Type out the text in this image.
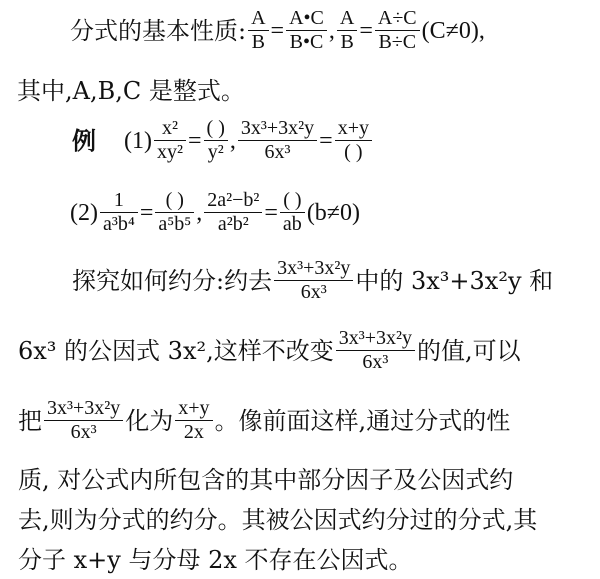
分式的基本性质: $\frac{A}{B} = \frac{A•C}{B•C}$ , $\frac{A}{B} = \frac{A\div C}{B\div C} (C\ne 0)$,
其中,A,B,C 是整式。
例 $(1) \frac{\text{x²}}{\text{xy²}} = \frac{( )}{\text{y²}}$ , $\frac{\text{3x³+3x²y}}{\text{6x³}} = \frac{x+y}{( )}$
$(2) \frac{1}{\text{a³b⁴}} = \frac{( )}{\text{a⁵b⁵}}$ , $\frac{\text{2a²−b²}}{\text{a²b²}} = \frac{( )}{ab} (b\ne 0)$
探究如何约分:约去 $\frac{\text{3x³+3x²y}}{\text{6x³}}$ 中的 3x³+3x²y 和
6x³ 的公因式 3x²,这样不改变 $\frac{\text{3x³+3x²y}}{\text{6x³}}$ 的值,可以
把 $\frac{\text{3x³+3x²y}}{\text{6x³}}$ 化为 $\frac{x+y}{2x}$ 。像前面这样,通过分式的性
质, 对公式内所包含的其中部分因子及公因式约
去,则为分式的约分。其被公因式约分过的分式,其
分子 x+y 与分母 2x 不存在公因式。
